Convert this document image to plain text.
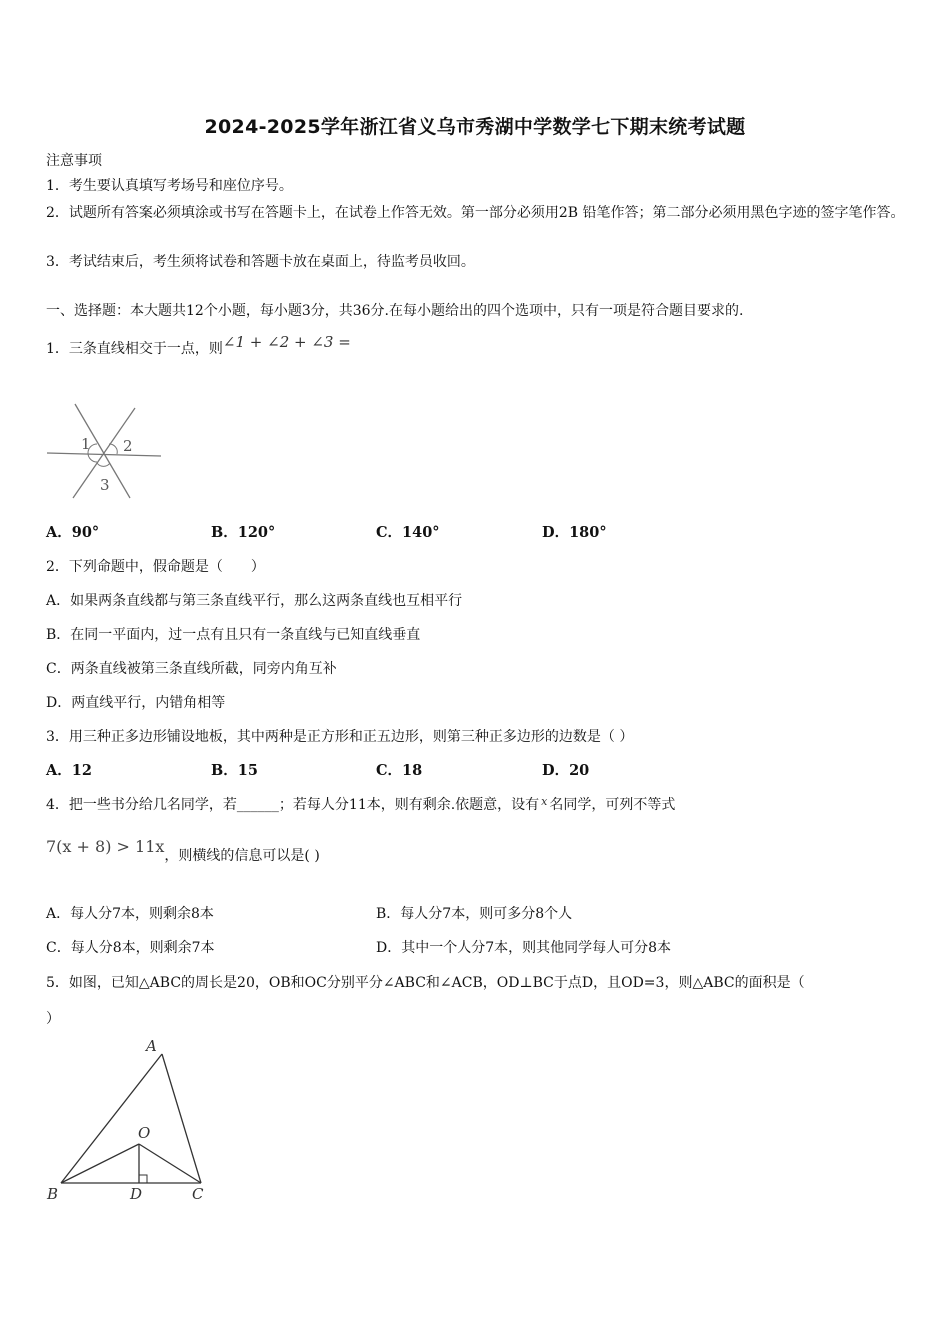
2024-2025学年浙江省义乌市秀湖中学数学七下期末统考试题
注意事项
1．考生要认真填写考场号和座位序号。
2．试题所有答案必须填涂或书写在答题卡上，在试卷上作答无效。第一部分必须用2B 铅笔作答；第二部分必须用黑色字迹的签字笔作答。
3．考试结束后，考生须将试卷和答题卡放在桌面上，待监考员收回。
一、选择题：本大题共12个小题，每小题3分，共36分.在每小题给出的四个选项中，只有一项是符合题目要求的.
1．三条直线相交于一点，则∠1 + ∠2 + ∠3 =
1 2
3
A．90°	B．120°	C．140°	D．180°
2．下列命题中，假命题是（　　）
A．如果两条直线都与第三条直线平行，那么这两条直线也互相平行
B．在同一平面内，过一点有且只有一条直线与已知直线垂直
C．两条直线被第三条直线所截，同旁内角互补
D．两直线平行，内错角相等
3．用三种正多边形铺设地板，其中两种是正方形和正五边形，则第三种正多边形的边数是（ ）
A．12	B．15	C．18	D．20
4．把一些书分给几名同学，若______；若每人分11本，则有剩余.依题意，设有 $^x$ 名同学，可列不等式
7(x + 8) > 11x，则横线的信息可以是( )
A．每人分7本，则剩余8本	B．每人分7本，则可多分8个人
C．每人分8本，则剩余7本	D．其中一个人分7本，则其他同学每人可分8本
5．如图，已知△ABC的周长是20，OB和OC分别平分∠ABC和∠ACB，OD⊥BC于点D，且OD=3，则△ABC的面积是（
）
A
O
B	D	C
